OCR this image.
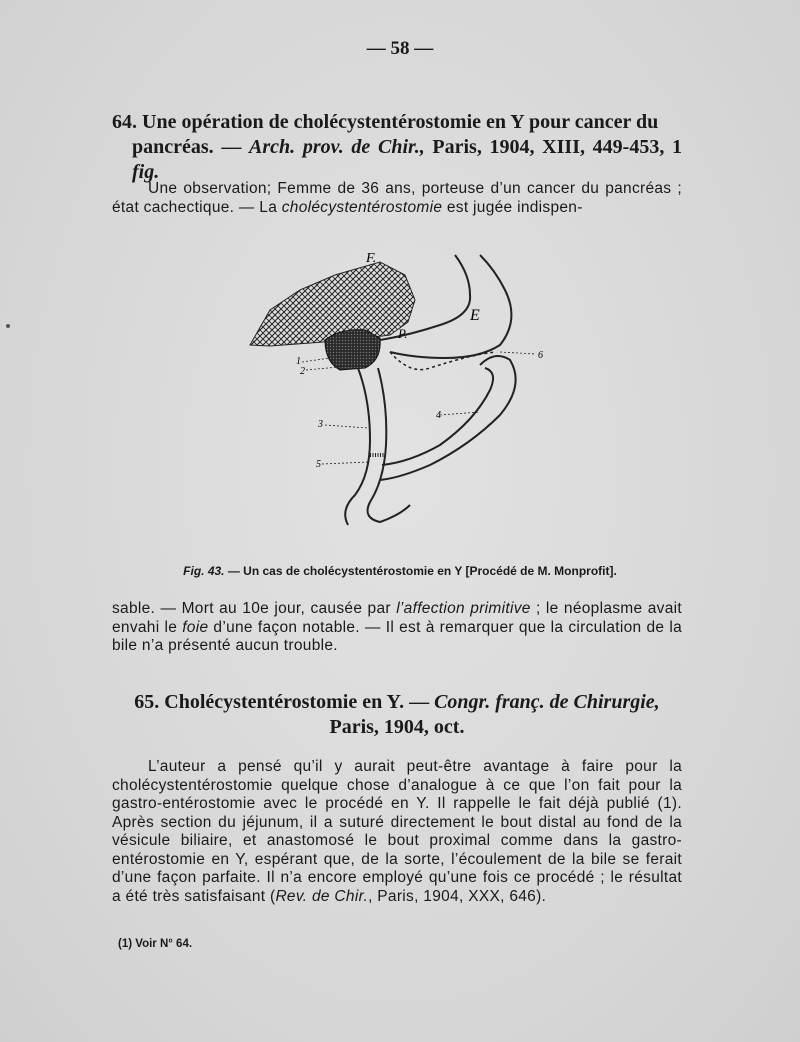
— 58 —
64. Une opération de cholécystentérostomie en Y pour cancer du
pancréas. — Arch. prov. de Chir., Paris, 1904, XIII, 449-453, 1 fig.
Une observation; Femme de 36 ans, porteuse d’un cancer du pancréas ; état cachectique. — La cholécystentérostomie est jugée indispen-
F.
E
P.
1
2
3
4
5
6
Fig. 43. — Un cas de cholécystentérostomie en Y [Procédé de M. Monprofit].
sable. — Mort au 10e jour, causée par l’affection primitive ; le néoplasme avait envahi le foie d’une façon notable. — Il est à remarquer que la circulation de la bile n’a présenté aucun trouble.
65. Cholécystentérostomie en Y. — Congr. franç. de Chirurgie, Paris, 1904, oct.
L’auteur a pensé qu’il y aurait peut-être avantage à faire pour la cholécystentérostomie quelque chose d’analogue à ce que l’on fait pour la gastro-entérostomie avec le procédé en Y. Il rappelle le fait déjà publié (1). Après section du jéjunum, il a suturé directement le bout distal au fond de la vésicule biliaire, et anastomosé le bout proximal comme dans la gastro-entérostomie en Y, espérant que, de la sorte, l’écoulement de la bile se ferait d’une façon parfaite. Il n’a encore employé qu’une fois ce procédé ; le résultat a été très satisfaisant (Rev. de Chir., Paris, 1904, XXX, 646).
(1) Voir N° 64.
